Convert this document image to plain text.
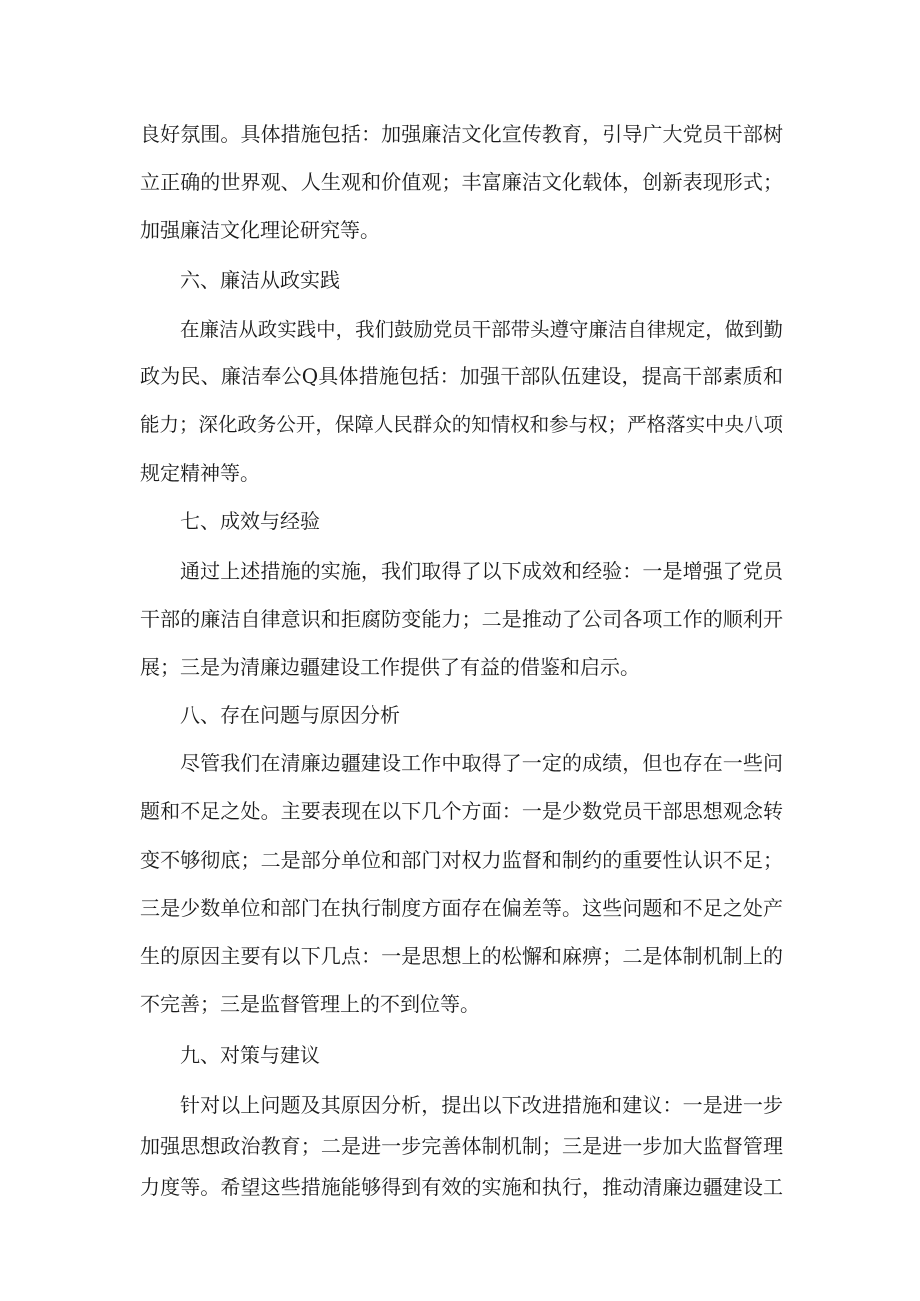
良好氛围。具体措施包括：加强廉洁文化宣传教育，引导广大党员干部树
立正确的世界观、人生观和价值观；丰富廉洁文化载体，创新表现形式；
加强廉洁文化理论研究等。
六、廉洁从政实践
在廉洁从政实践中，我们鼓励党员干部带头遵守廉洁自律规定，做到勤
政为民、廉洁奉公Q具体措施包括：加强干部队伍建设，提高干部素质和
能力；深化政务公开，保障人民群众的知情权和参与权；严格落实中央八项
规定精神等。
七、成效与经验
通过上述措施的实施，我们取得了以下成效和经验：一是增强了党员
干部的廉洁自律意识和拒腐防变能力；二是推动了公司各项工作的顺利开
展；三是为清廉边疆建设工作提供了有益的借鉴和启示。
八、存在问题与原因分析
尽管我们在清廉边疆建设工作中取得了一定的成绩，但也存在一些问
题和不足之处。主要表现在以下几个方面：一是少数党员干部思想观念转
变不够彻底；二是部分单位和部门对权力监督和制约的重要性认识不足；
三是少数单位和部门在执行制度方面存在偏差等。这些问题和不足之处产
生的原因主要有以下几点：一是思想上的松懈和麻痹；二是体制机制上的
不完善；三是监督管理上的不到位等。
九、对策与建议
针对以上问题及其原因分析，提出以下改进措施和建议：一是进一步
加强思想政治教育；二是进一步完善体制机制；三是进一步加大监督管理
力度等。希望这些措施能够得到有效的实施和执行，推动清廉边疆建设工
